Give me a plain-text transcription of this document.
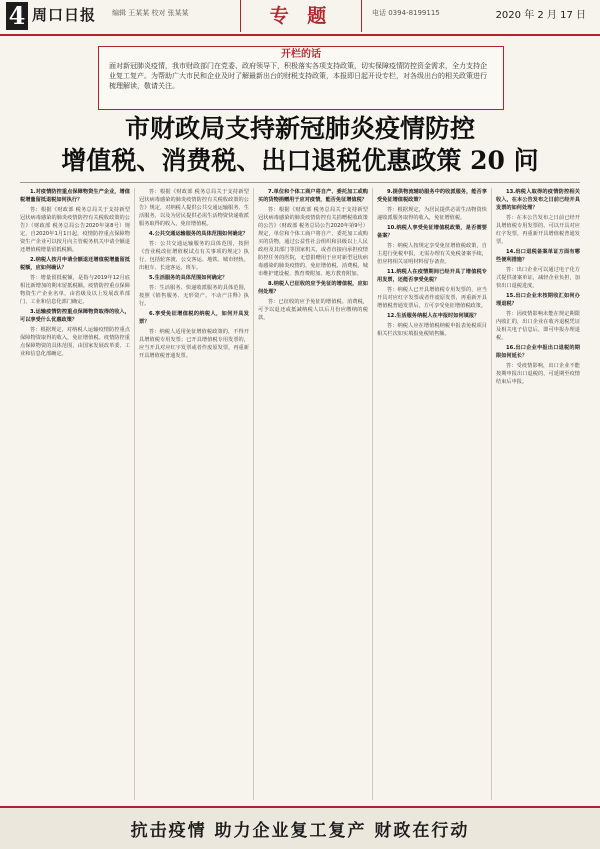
4 周口日报 编辑 王某某 校对 张某某	专 题	电话 0394-8199115	2020 年 2 月 17 日
开栏的话
面对新冠肺炎疫情，我市财政部门在党委、政府领导下，积极落实各项支持政策，切实保障疫情防控资金需求，全力支持企业复工复产。为帮助广大市民和企业及时了解最新出台的财税支持政策，本报即日起开设专栏，对各级出台的相关政策进行梳理解读，敬请关注。
市财政局支持新冠肺炎疫情防控
增值税、消费税、出口退税优惠政策 20 问

1.对疫情防控重点保障物资生产企业，增值税增量留抵退税如何执行？

答：根据《财政部 税务总局关于支持新型冠状病毒感染的肺炎疫情防控有关税收政策的公告》（财政部 税务总局公告2020年第8号）规定，自2020年1月1日起，疫情防控重点保障物资生产企业可以按月向主管税务机关申请全额退还增值税增量留抵税额。

2.纳税人按月申请全额退还增值税增量留抵税额，应如何确认？

答：增量留抵税额，是指与2019年12月底相比新增加的期末留抵税额。疫情防控重点保障物资生产企业名单，由省级及以上发展改革部门、工业和信息化部门确定。

3.运输疫情防控重点保障物资取得的收入，可以享受什么优惠政策？

答：根据规定，对纳税人运输疫情防控重点保障物资取得的收入，免征增值税。疫情防控重点保障物资的具体范围，由国家发展改革委、工业和信息化部确定。

答：根据《财政部 税务总局关于支持新型冠状病毒感染的肺炎疫情防控有关税收政策的公告》规定，对纳税人提供公共交通运输服务、生活服务，以及为居民提供必需生活物资快递收派服务取得的收入，免征增值税。

4.公共交通运输服务的具体范围如何确定？

答：公共交通运输服务的具体范围，按照《营业税改征增值税试点有关事项的规定》执行，包括轮客渡、公交客运、地铁、城市轻轨、出租车、长途客运、班车。

5.生活服务的具体范围如何确定？

答：生活服务、快递收派服务的具体范围，按照《销售服务、无形资产、不动产注释》执行。

6.享受免征增值税的纳税人，如何开具发票？

答：纳税人适用免征增值税政策的，不得开具增值税专用发票；已开具增值税专用发票的，应当开具对应红字发票或者作废原发票，再重新开具增值税普通发票。

7.单位和个体工商户将自产、委托加工或购买的货物捐赠用于应对疫情，能否免征增值税？

答：根据《财政部 税务总局关于支持新型冠状病毒感染的肺炎疫情防控有关捐赠税收政策的公告》（财政部 税务总局公告2020年第9号）规定，单位和个体工商户将自产、委托加工或购买的货物，通过公益性社会组织和县级以上人民政府及其部门等国家机关，或者直接向承担疫情防控任务的医院，无偿捐赠用于应对新型冠状病毒感染的肺炎疫情的，免征增值税、消费税、城市维护建设税、教育费附加、地方教育附加。

8.纳税人已征收的应予免征的增值税，应如何处理？

答：已征收的应予免征的增值税、消费税，可予以退还或抵减纳税人以后月份应缴纳的税款。

9.提供物流辅助服务中的收派服务，能否享受免征增值税政策？

答：根据规定，为居民提供必需生活物资快递收派服务取得的收入，免征增值税。

10.纳税人享受免征增值税政策，是否需要备案？

答：纳税人按规定享受免征增值税政策，自主进行免税申报，无需办理有关免税备案手续，但应将相关证明材料留存备查。

11.纳税人在疫情期间已经开具了增值税专用发票，还能否享受免税？

答：纳税人已开具增值税专用发票的，应当开具对应红字发票或者作废原发票，再重新开具增值税普通发票后，方可享受免征增值税政策。

12.生活服务纳税人在申报时如何填报？

答：纳税人应在增值税纳税申报表免税项目相关栏次如实填报免税销售额。

13.纳税人取得的疫情防控相关收入，在本公告发布之日前已经开具发票的如何处理？

答：在本公告发布之日前已经开具增值税专用发票的，可以开具对应红字发票，再重新开具增值税普通发票。

14.出口退税备案单证方面有哪些便利措施？

答：出口企业可以通过电子化方式提供备案单证，减轻企业负担，加快出口退税进度。

15.出口企业未按期收汇如何办理退税？

答：因疫情影响未能在规定期限内收汇的，出口企业在收齐退税凭证及相关电子信息后，即可申报办理退税。

16.出口企业申报出口退税的期限如何延长？

答：受疫情影响，出口企业不能按期申报出口退税的，可延期至疫情结束后申报。

抗击疫情 助力企业复工复产 财政在行动
